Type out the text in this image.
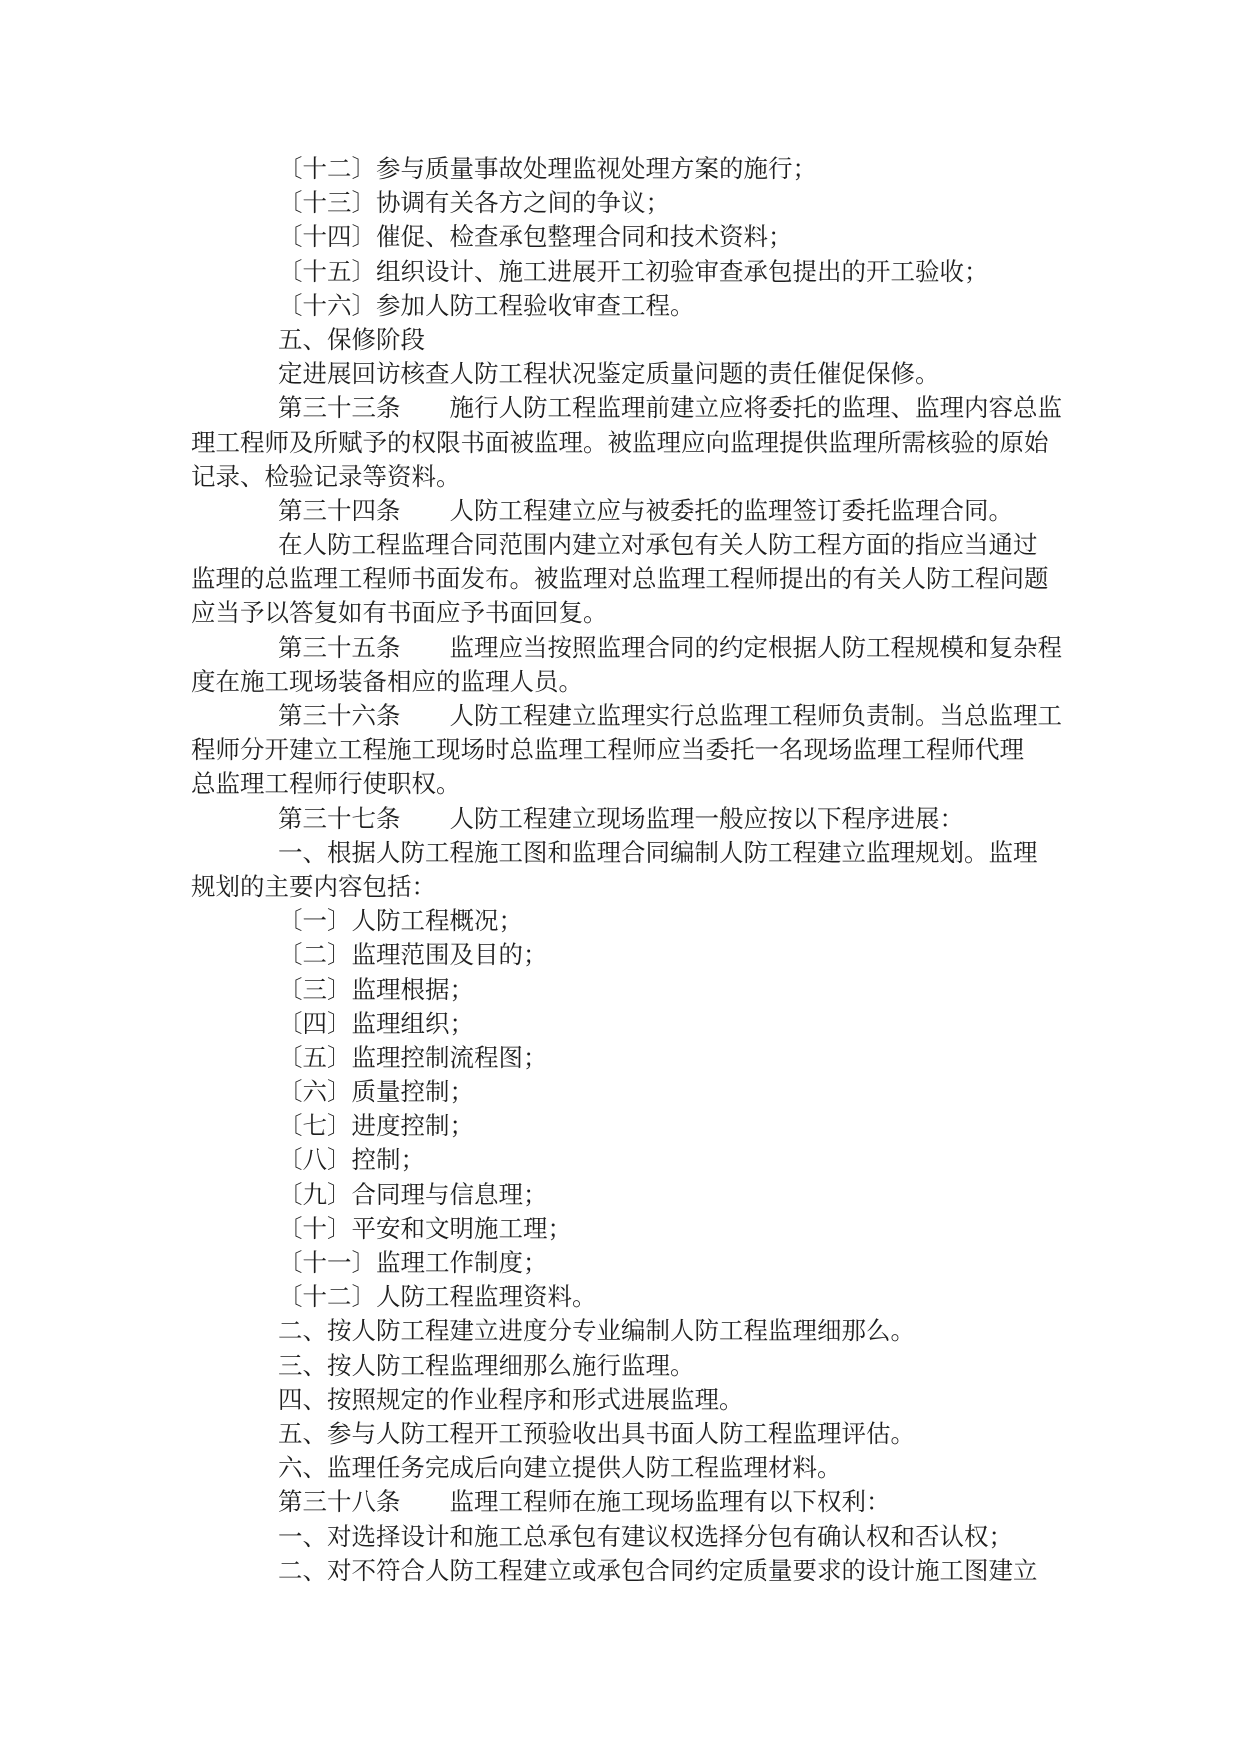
〔十二〕参与质量事故处理监视处理方案的施行；
〔十三〕协调有关各方之间的争议；
〔十四〕催促、检查承包整理合同和技术资料；
〔十五〕组织设计、施工进展开工初验审查承包提出的开工验收；
〔十六〕参加人防工程验收审查工程。
五、保修阶段
定进展回访核查人防工程状况鉴定质量问题的责任催促保修。
第三十三条　　施行人防工程监理前建立应将委托的监理、监理内容总监
理工程师及所赋予的权限书面被监理。被监理应向监理提供监理所需核验的原始
记录、检验记录等资料。
第三十四条　　人防工程建立应与被委托的监理签订委托监理合同。
在人防工程监理合同范围内建立对承包有关人防工程方面的指应当通过
监理的总监理工程师书面发布。被监理对总监理工程师提出的有关人防工程问题
应当予以答复如有书面应予书面回复。
第三十五条　　监理应当按照监理合同的约定根据人防工程规模和复杂程
度在施工现场装备相应的监理人员。
第三十六条　　人防工程建立监理实行总监理工程师负责制。当总监理工
程师分开建立工程施工现场时总监理工程师应当委托一名现场监理工程师代理
总监理工程师行使职权。
第三十七条　　人防工程建立现场监理一般应按以下程序进展：
一、根据人防工程施工图和监理合同编制人防工程建立监理规划。监理
规划的主要内容包括：
〔一〕人防工程概况；
〔二〕监理范围及目的；
〔三〕监理根据；
〔四〕监理组织；
〔五〕监理控制流程图；
〔六〕质量控制；
〔七〕进度控制；
〔八〕控制；
〔九〕合同理与信息理；
〔十〕平安和文明施工理；
〔十一〕监理工作制度；
〔十二〕人防工程监理资料。
二、按人防工程建立进度分专业编制人防工程监理细那么。
三、按人防工程监理细那么施行监理。
四、按照规定的作业程序和形式进展监理。
五、参与人防工程开工预验收出具书面人防工程监理评估。
六、监理任务完成后向建立提供人防工程监理材料。
第三十八条　　监理工程师在施工现场监理有以下权利：
一、对选择设计和施工总承包有建议权选择分包有确认权和否认权；
二、对不符合人防工程建立或承包合同约定质量要求的设计施工图建立
